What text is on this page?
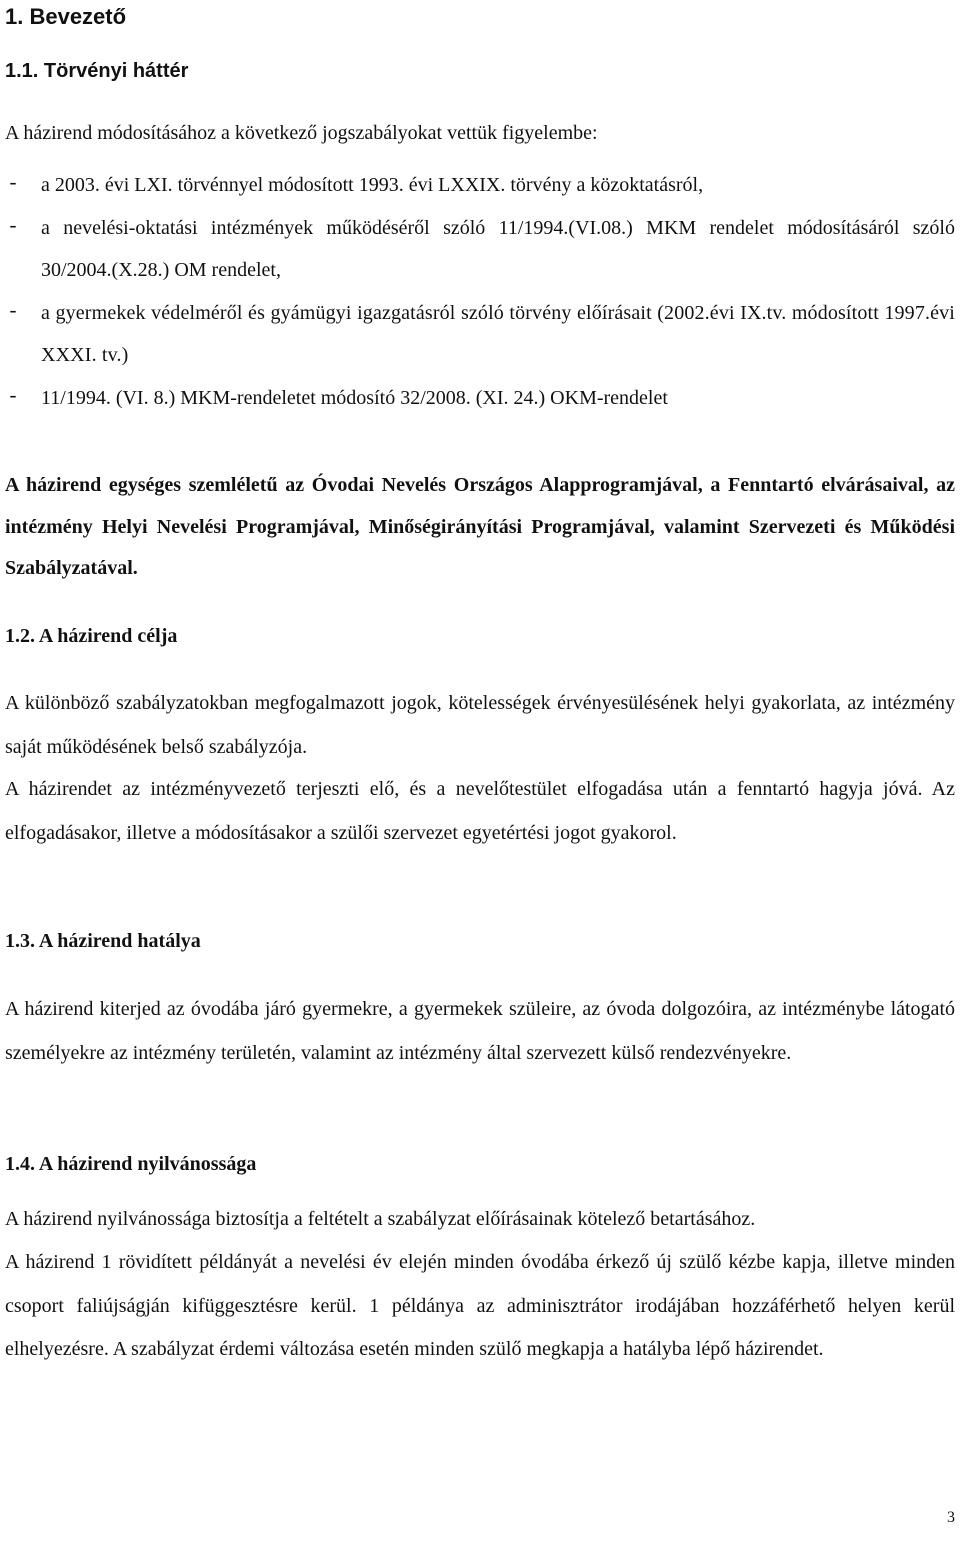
1. Bevezető
1.1. Törvényi háttér

A házirend módosításához a következő jogszabályokat vettük figyelembe:

- a 2003. évi LXI. törvénnyel módosított 1993. évi LXXIX. törvény a közoktatásról,
- a nevelési-oktatási intézmények működéséről szóló 11/1994.(VI.08.) MKM rendelet módosításáról szóló 30/2004.(X.28.) OM rendelet,
- a gyermekek védelméről és gyámügyi igazgatásról szóló törvény előírásait (2002.évi IX.tv. módosított 1997.évi XXXI. tv.)
- 11/1994. (VI. 8.) MKM-rendeletet módosító 32/2008. (XI. 24.) OKM-rendelet

A házirend egységes szemléletű az Óvodai Nevelés Országos Alapprogramjával, a Fenntartó elvárásaival, az intézmény Helyi Nevelési Programjával, Minőségirányítási Programjával, valamint Szervezeti és Működési Szabályzatával.

1.2. A házirend célja

A különböző szabályzatokban megfogalmazott jogok, kötelességek érvényesülésének helyi gyakorlata, az intézmény saját működésének belső szabályzója.

A házirendet az intézményvezető terjeszti elő, és a nevelőtestület elfogadása után a fenntartó hagyja jóvá. Az elfogadásakor, illetve a módosításakor a szülői szervezet egyetértési jogot gyakorol.

1.3. A házirend hatálya

A házirend kiterjed az óvodába járó gyermekre, a gyermekek szüleire, az óvoda dolgozóira, az intézménybe látogató személyekre az intézmény területén, valamint az intézmény által szervezett külső rendezvényekre.

1.4. A házirend nyilvánossága

A házirend nyilvánossága biztosítja a feltételt a szabályzat előírásainak kötelező betartásához.

A házirend 1 rövidített példányát a nevelési év elején minden óvodába érkező új szülő kézbe kapja, illetve minden csoport faliújságján kifüggesztésre kerül. 1 példánya az adminisztrátor irodájában hozzáférhető helyen kerül elhelyezésre. A szabályzat érdemi változása esetén minden szülő megkapja a hatályba lépő házirendet.

3
